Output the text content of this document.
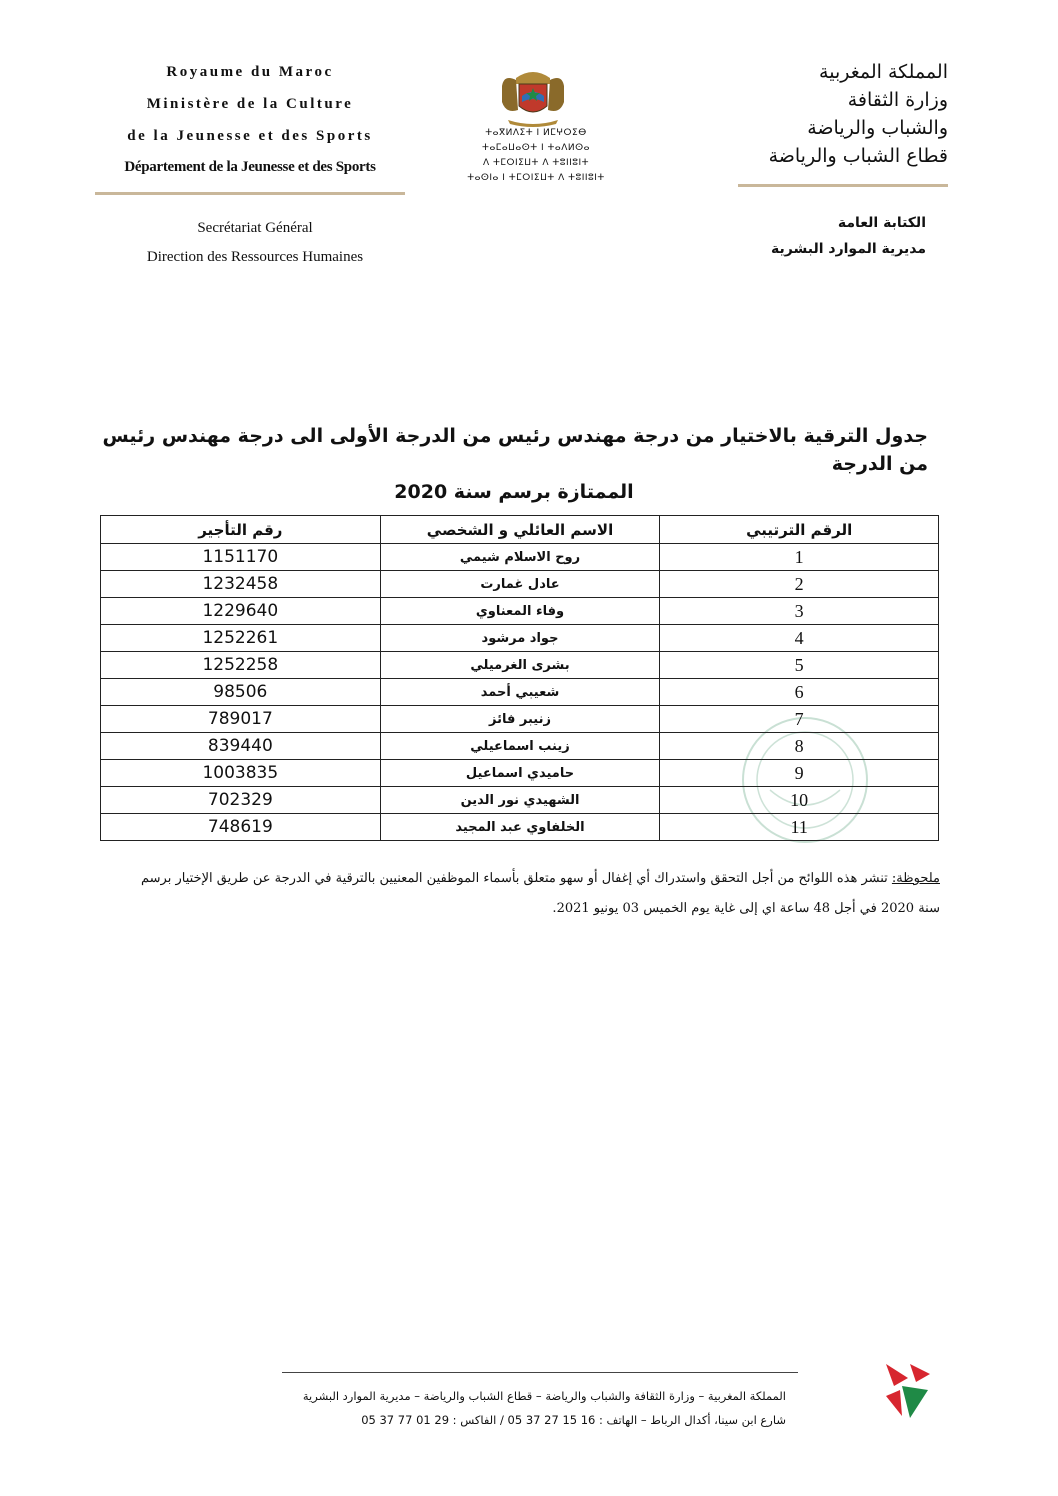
Royaume du Maroc
Ministère de la Culture
de la Jeunesse et des Sports
Département de la Jeunesse et des Sports
Secrétariat Général
Direction des Ressources Humaines
ⵜⴰⴳⵍⴷⵉⵜ ⵏ ⵍⵎⵖⵔⵉⴱ
ⵜⴰⵎⴰⵡⴰⵙⵜ ⵏ ⵜⴰⴷⵍⵙⴰ
ⴷ ⵜⵎⵔⵏⵉⵡⵜ ⴷ ⵜⵓⵏⵏⵓⵏⵜ
ⵜⴰⵙⵏⴰ ⵏ ⵜⵎⵔⵏⵉⵡⵜ ⴷ ⵜⵓⵏⵏⵓⵏⵜ
المملكة المغربية
وزارة الثقافة
والشباب والرياضة
قطاع الشباب والرياضة
الكتابة العامة
مديرية الموارد البشرية
جدول الترقية بالاختيار من درجة مهندس رئيس من الدرجة الأولى الى درجة مهندس رئيس من الدرجة
الممتازة برسم سنة 2020
رقم التأجير	الاسم العائلي و الشخصي	الرقم الترتيبي
1151170	روح الاسلام شيمي	1
1232458	عادل غمارت	2
1229640	وفاء المعناوي	3
1252261	جواد مرشود	4
1252258	بشرى الغرميلي	5
98506	شعيبي أحمد	6
789017	زنيبر فائز	7
839440	زينب اسماعيلي	8
1003835	حاميدي اسماعيل	9
702329	الشهيدي نور الدين	10
748619	الخلفاوي عبد المجيد	11
ملحوظة: تنشر هذه اللوائح من أجل التحقق واستدراك أي إغفال أو سهو متعلق بأسماء الموظفين المعنيين بالترقية في الدرجة عن طريق الإختيار برسم سنة 2020 في أجل 48 ساعة اي إلى غاية يوم الخميس 03 يونيو 2021.
المملكة المغربية – وزارة الثقافة والشباب والرياضة – قطاع الشباب والرياضة – مديرية الموارد البشرية
شارع ابن سينا، أكدال الرباط – الهاتف : 16 15 27 37 05 / الفاكس : 29 01 77 37 05
